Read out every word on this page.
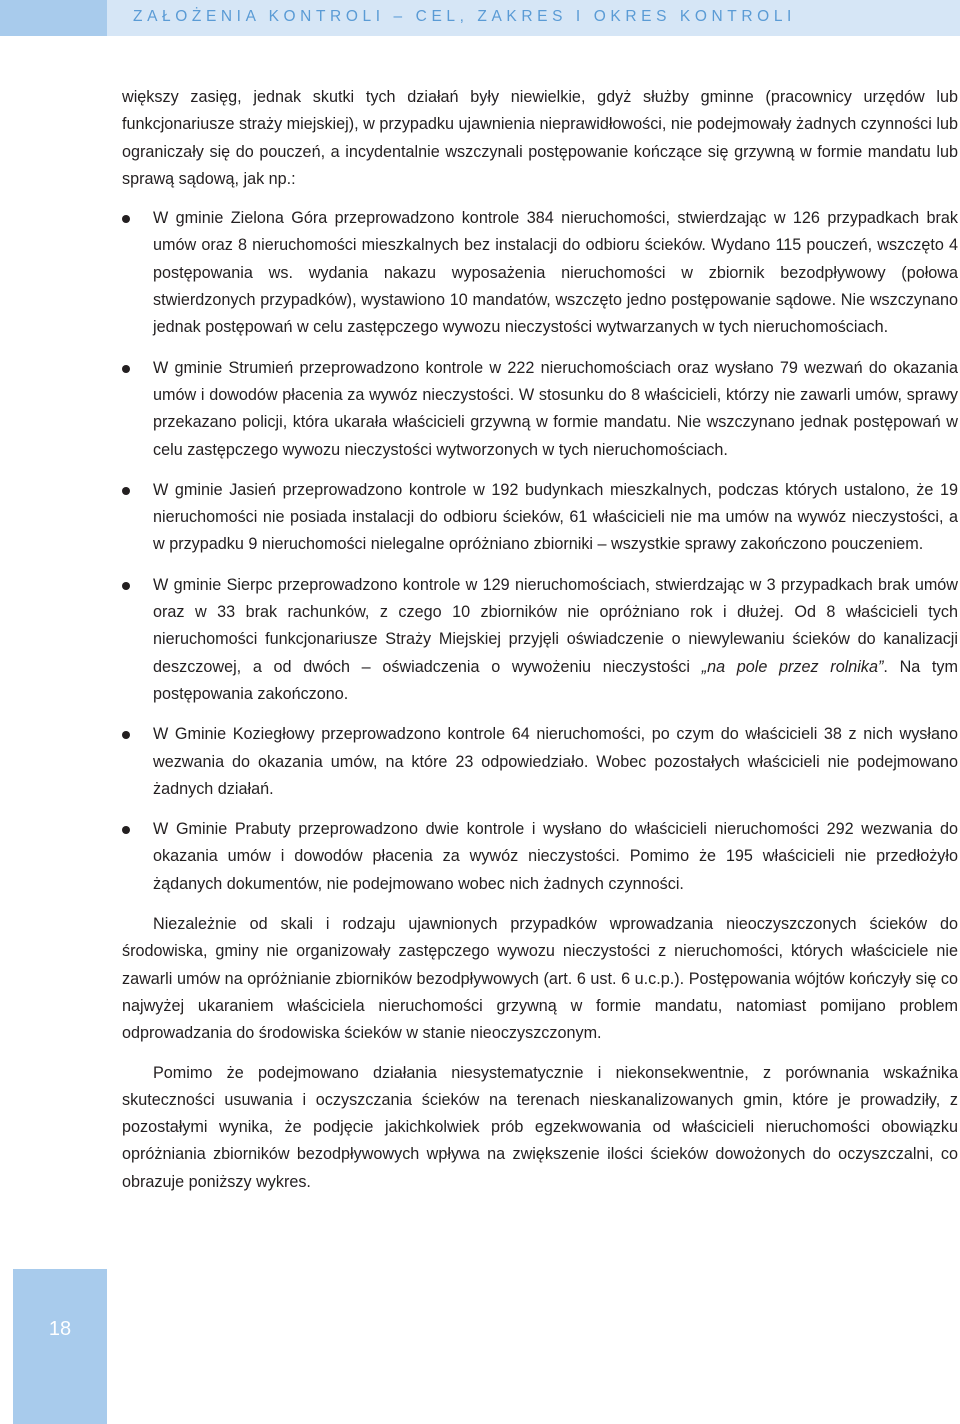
ZAŁOŻENIA KONTROLI – CEL, ZAKRES I OKRES KONTROLI

większy zasięg, jednak skutki tych działań były niewielkie, gdyż służby gminne (pracownicy urzędów lub funkcjonariusze straży miejskiej), w przypadku ujawnienia nieprawidłowości, nie podejmowały żadnych czynności lub ograniczały się do pouczeń, a incydentalnie wszczynali postępowanie kończące się grzywną w formie mandatu lub sprawą sądową, jak np.:

W gminie Zielona Góra przeprowadzono kontrole 384 nieruchomości, stwierdzając w 126 przypadkach brak umów oraz 8 nieruchomości mieszkalnych bez instalacji do odbioru ścieków. Wydano 115 pouczeń, wszczęto 4 postępowania ws. wydania nakazu wyposażenia nieruchomości w zbiornik bezodpływowy (połowa stwierdzonych przypadków), wystawiono 10 mandatów, wszczęto jedno postępowanie sądowe. Nie wszczynano jednak postępowań w celu zastępczego wywozu nieczystości wytwarzanych w tych nieruchomościach.
W gminie Strumień przeprowadzono kontrole w 222 nieruchomościach oraz wysłano 79 wezwań do okazania umów i dowodów płacenia za wywóz nieczystości. W stosunku do 8 właścicieli, którzy nie zawarli umów, sprawy przekazano policji, która ukarała właścicieli grzywną w formie mandatu. Nie wszczynano jednak postępowań w celu zastępczego wywozu nieczystości wytworzonych w tych nieruchomościach.
W gminie Jasień przeprowadzono kontrole w 192 budynkach mieszkalnych, podczas których ustalono, że 19 nieruchomości nie posiada instalacji do odbioru ścieków, 61 właścicieli nie ma umów na wywóz nieczystości, a w przypadku 9 nieruchomości nielegalne opróżniano zbiorniki – wszystkie sprawy zakończono pouczeniem.
W gminie Sierpc przeprowadzono kontrole w 129 nieruchomościach, stwierdzając w 3 przypadkach brak umów oraz w 33 brak rachunków, z czego 10 zbiorników nie opróżniano rok i dłużej. Od 8 właścicieli tych nieruchomości funkcjonariusze Straży Miejskiej przyjęli oświadczenie o niewylewaniu ścieków do kanalizacji deszczowej, a od dwóch – oświadczenia o wywożeniu nieczystości „na pole przez rolnika”. Na tym postępowania zakończono.
W Gminie Koziegłowy przeprowadzono kontrole 64 nieruchomości, po czym do właścicieli 38 z nich wysłano wezwania do okazania umów, na które 23 odpowiedziało. Wobec pozostałych właścicieli nie podejmowano żadnych działań.
W Gminie Prabuty przeprowadzono dwie kontrole i wysłano do właścicieli nieruchomości 292 wezwania do okazania umów i dowodów płacenia za wywóz nieczystości. Pomimo że 195 właścicieli nie przedłożyło żądanych dokumentów, nie podejmowano wobec nich żadnych czynności.

Niezależnie od skali i rodzaju ujawnionych przypadków wprowadzania nieoczyszczonych ścieków do środowiska, gminy nie organizowały zastępczego wywozu nieczystości z nieruchomości, których właściciele nie zawarli umów na opróżnianie zbiorników bezodpływowych (art. 6 ust. 6 u.c.p.). Postępowania wójtów kończyły się co najwyżej ukaraniem właściciela nieruchomości grzywną w formie mandatu, natomiast pomijano problem odprowadzania do środowiska ścieków w stanie nieoczyszczonym.

Pomimo że podejmowano działania niesystematycznie i niekonsekwentnie, z porównania wskaźnika skuteczności usuwania i oczyszczania ścieków na terenach nieskanalizowanych gmin, które je prowadziły, z pozostałymi wynika, że podjęcie jakichkolwiek prób egzekwowania od właścicieli nieruchomości obowiązku opróżniania zbiorników bezodpływowych wpływa na zwiększenie ilości ścieków dowożonych do oczyszczalni, co obrazuje poniższy wykres.

18
